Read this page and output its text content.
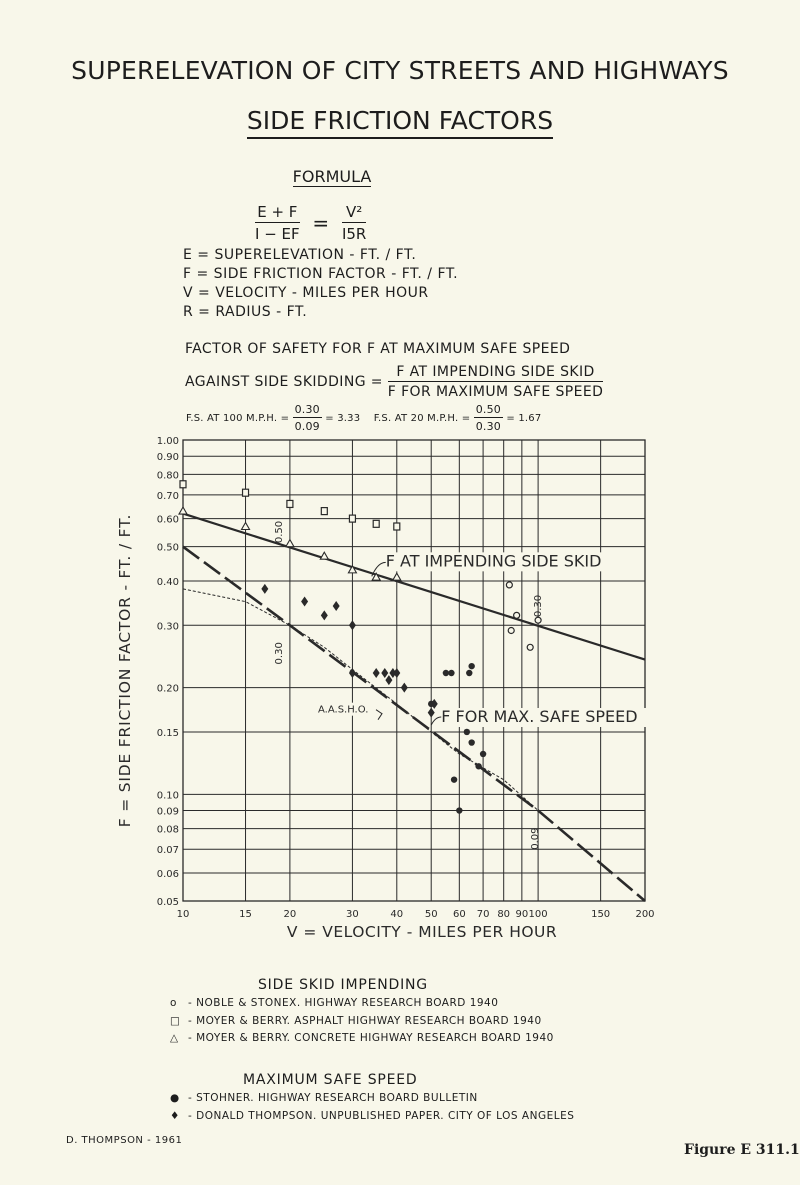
SUPERELEVATION OF CITY STREETS AND HIGHWAYS
SIDE FRICTION FACTORS
FORMULA
$\frac{E + F}{I - EF} = \frac{\text{V²}}{I5R}$
E = SUPERELEVATION - FT. / FT.
F = SIDE FRICTION FACTOR - FT. / FT.
V = VELOCITY - MILES PER HOUR
R = RADIUS - FT.
FACTOR OF SAFETY FOR F AT MAXIMUM SAFE SPEED
AGAINST SIDE SKIDDING = $\frac{\text{F AT IMPENDING SIDE SKID}}{\text{F FOR MAXIMUM SAFE SPEED}}$
F.S. AT 100 M.P.H. = $\frac{0.30}{0.09} = 3.33$ F.S. AT 20 M.P.H. = $\frac{0.50}{0.30} = 1.67$
10	15	20	30	40 50 60 70 80 90 100	150	200
0.05
0.06
0.07
0.08
0.09
0.10
0.15
0.20
0.30
0.40
0.50
0.60
0.70
0.80
0.90
1.00
V = VELOCITY - MILES PER HOUR
F = SIDE FRICTION FACTOR - FT. / FT.	F AT IMPENDING SIDE SKID
F FOR MAX. SAFE SPEED
A.A.S.H.O.
0.50
0.30
0.30
0.09
SIDE SKID IMPENDING
o - NOBLE & STONEX. HIGHWAY RESEARCH BOARD 1940
□ - MOYER & BERRY. ASPHALT HIGHWAY RESEARCH BOARD 1940
△ - MOYER & BERRY. CONCRETE HIGHWAY RESEARCH BOARD 1940
MAXIMUM SAFE SPEED
● - STOHNER. HIGHWAY RESEARCH BOARD BULLETIN
♦ - DONALD THOMPSON. UNPUBLISHED PAPER. CITY OF LOS ANGELES
D. THOMPSON - 1961
Figure E 311.1
